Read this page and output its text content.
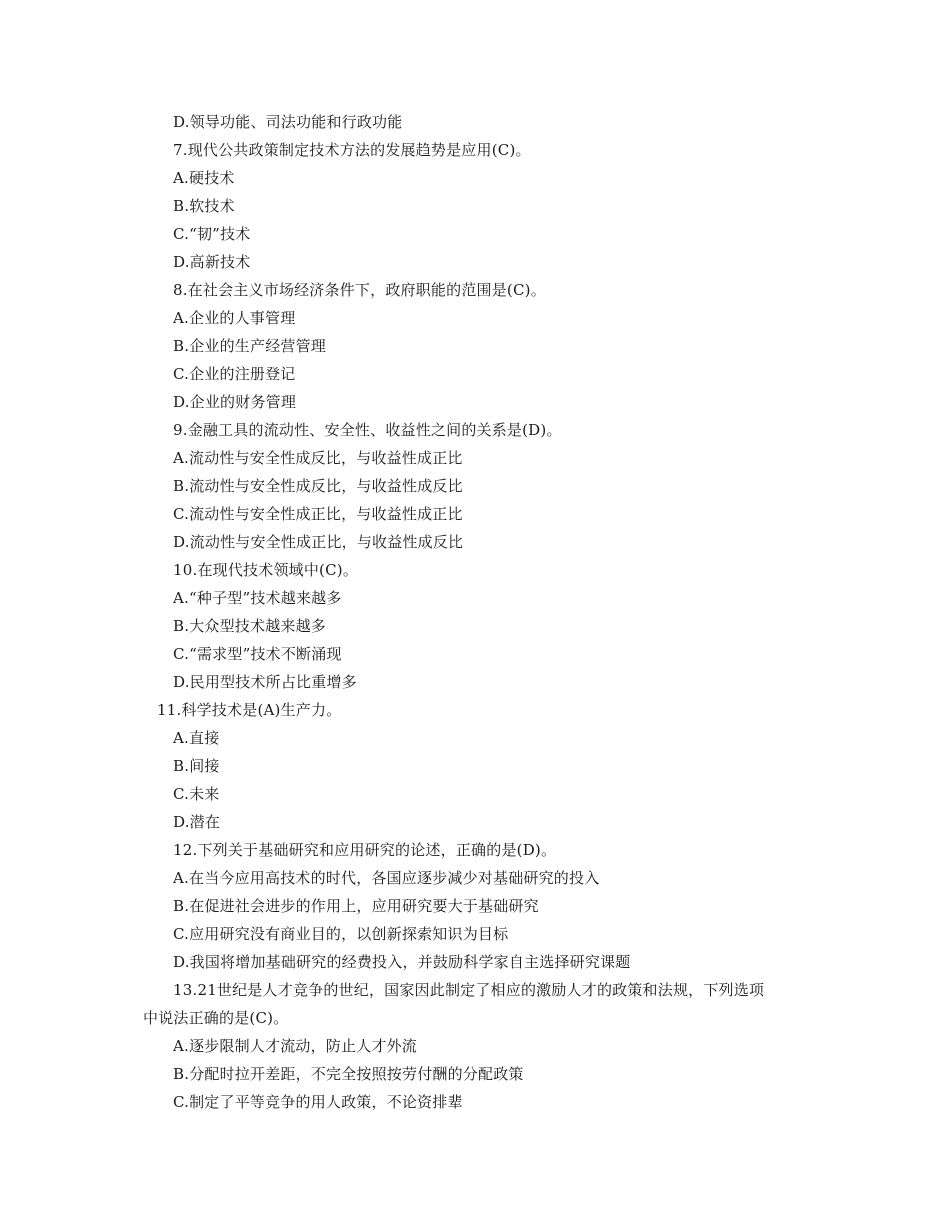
D.领导功能、司法功能和行政功能
7.现代公共政策制定技术方法的发展趋势是应用(C)。
A.硬技术
B.软技术
C.“韧”技术
D.高新技术
8.在社会主义市场经济条件下，政府职能的范围是(C)。
A.企业的人事管理
B.企业的生产经营管理
C.企业的注册登记
D.企业的财务管理
9.金融工具的流动性、安全性、收益性之间的关系是(D)。
A.流动性与安全性成反比，与收益性成正比
B.流动性与安全性成反比，与收益性成反比
C.流动性与安全性成正比，与收益性成正比
D.流动性与安全性成正比，与收益性成反比
10.在现代技术领域中(C)。
A.“种子型”技术越来越多
B.大众型技术越来越多
C.“需求型”技术不断涌现
D.民用型技术所占比重增多
11.科学技术是(A)生产力。
A.直接
B.间接
C.未来
D.潜在
12.下列关于基础研究和应用研究的论述，正确的是(D)。
A.在当今应用高技术的时代，各国应逐步减少对基础研究的投入
B.在促进社会进步的作用上，应用研究要大于基础研究
C.应用研究没有商业目的，以创新探索知识为目标
D.我国将增加基础研究的经费投入，并鼓励科学家自主选择研究课题
13.21世纪是人才竞争的世纪，国家因此制定了相应的激励人才的政策和法规，下列选项
中说法正确的是(C)。
A.逐步限制人才流动，防止人才外流
B.分配时拉开差距，不完全按照按劳付酬的分配政策
C.制定了平等竞争的用人政策，不论资排辈
